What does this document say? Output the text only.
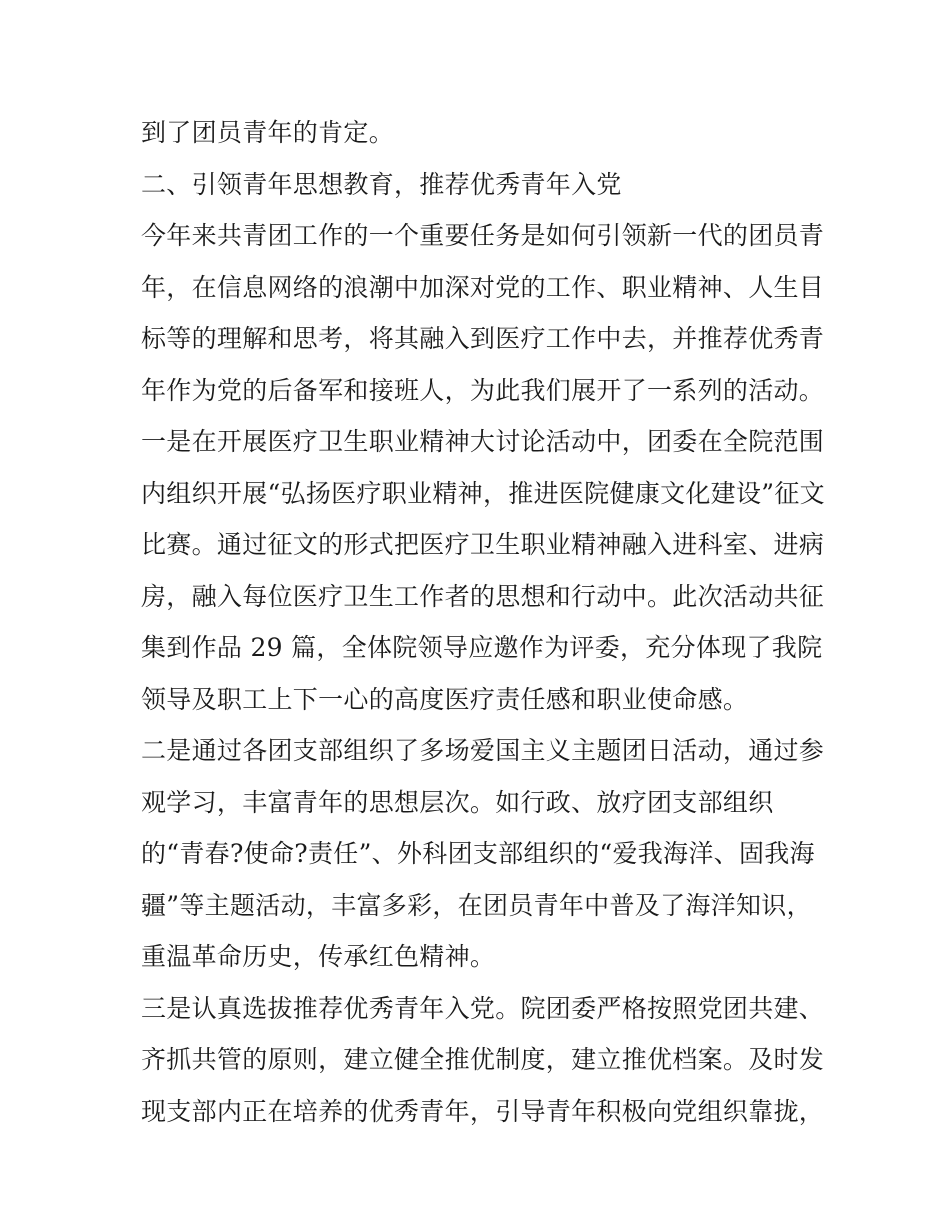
到了团员青年的肯定。
二、引领青年思想教育，推荐优秀青年入党
今年来共青团工作的一个重要任务是如何引领新一代的团员青
年，在信息网络的浪潮中加深对党的工作、职业精神、人生目
标等的理解和思考，将其融入到医疗工作中去，并推荐优秀青
年作为党的后备军和接班人，为此我们展开了一系列的活动。
一是在开展医疗卫生职业精神大讨论活动中，团委在全院范围
内组织开展“弘扬医疗职业精神，推进医院健康文化建设”征文
比赛。通过征文的形式把医疗卫生职业精神融入进科室、进病
房，融入每位医疗卫生工作者的思想和行动中。此次活动共征
集到作品 29 篇，全体院领导应邀作为评委，充分体现了我院
领导及职工上下一心的高度医疗责任感和职业使命感。
二是通过各团支部组织了多场爱国主义主题团日活动，通过参
观学习，丰富青年的思想层次。如行政、放疗团支部组织
的“青春?使命?责任”、外科团支部组织的“爱我海洋、固我海
疆”等主题活动，丰富多彩，在团员青年中普及了海洋知识，
重温革命历史，传承红色精神。
三是认真选拔推荐优秀青年入党。院团委严格按照党团共建、
齐抓共管的原则，建立健全推优制度，建立推优档案。及时发
现支部内正在培养的优秀青年，引导青年积极向党组织靠拢，
